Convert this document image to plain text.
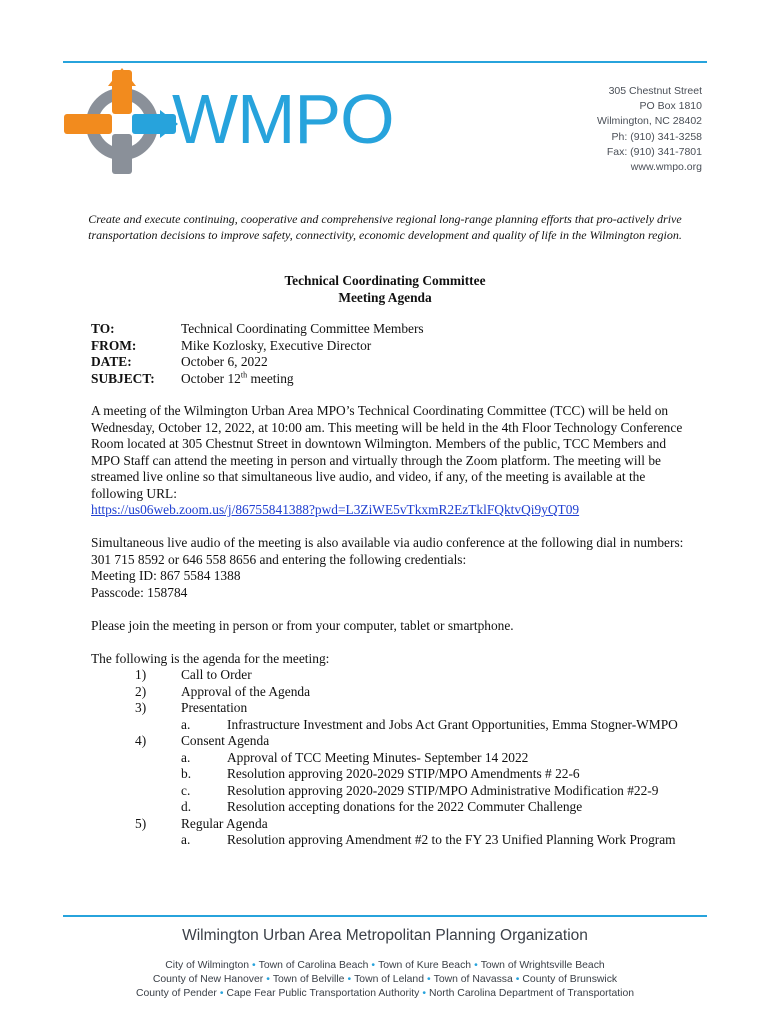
WMPO	305 Chestnut Street
PO Box 1810
Wilmington, NC 28402
Ph: (910) 341-3258
Fax: (910) 341-7801
www.wmpo.org
Create and execute continuing, cooperative and comprehensive regional long-range planning efforts that pro-actively drive transportation decisions to improve safety, connectivity, economic development and quality of life in the Wilmington region.
Technical Coordinating Committee
Meeting Agenda
TO:	Technical Coordinating Committee Members
FROM:	Mike Kozlosky, Executive Director
DATE:	October 6, 2022
SUBJECT:	October 12th meeting

A meeting of the Wilmington Urban Area MPO’s Technical Coordinating Committee (TCC) will be held on Wednesday, October 12, 2022, at 10:00 am. This meeting will be held in the 4th Floor Technology Conference Room located at 305 Chestnut Street in downtown Wilmington. Members of the public, TCC Members and MPO Staff can attend the meeting in person and virtually through the Zoom platform. The meeting will be streamed live online so that simultaneous live audio, and video, if any, of the meeting is available at the following URL:
https://us06web.zoom.us/j/86755841388?pwd=L3ZiWE5vTkxmR2EzTklFQktvQi9yQT09

Simultaneous live audio of the meeting is also available via audio conference at the following dial in numbers: 301 715 8592 or 646 558 8656 and entering the following credentials:
Meeting ID: 867 5584 1388
Passcode: 158784

Please join the meeting in person or from your computer, tablet or smartphone.

The following is the agenda for the meeting:
1)	Call to Order
2)	Approval of the Agenda
3)	Presentation
a.	Infrastructure Investment and Jobs Act Grant Opportunities, Emma Stogner-WMPO
4)	Consent Agenda
a.	Approval of TCC Meeting Minutes- September 14 2022
b.	Resolution approving 2020-2029 STIP/MPO Amendments # 22-6
c.	Resolution approving 2020-2029 STIP/MPO Administrative Modification #22-9
d.	Resolution accepting donations for the 2022 Commuter Challenge
5)	Regular Agenda
a.	Resolution approving Amendment #2 to the FY 23 Unified Planning Work Program
Wilmington Urban Area Metropolitan Planning Organization
City of Wilmington • Town of Carolina Beach • Town of Kure Beach • Town of Wrightsville Beach
County of New Hanover • Town of Belville • Town of Leland • Town of Navassa • County of Brunswick
County of Pender • Cape Fear Public Transportation Authority • North Carolina Department of Transportation
